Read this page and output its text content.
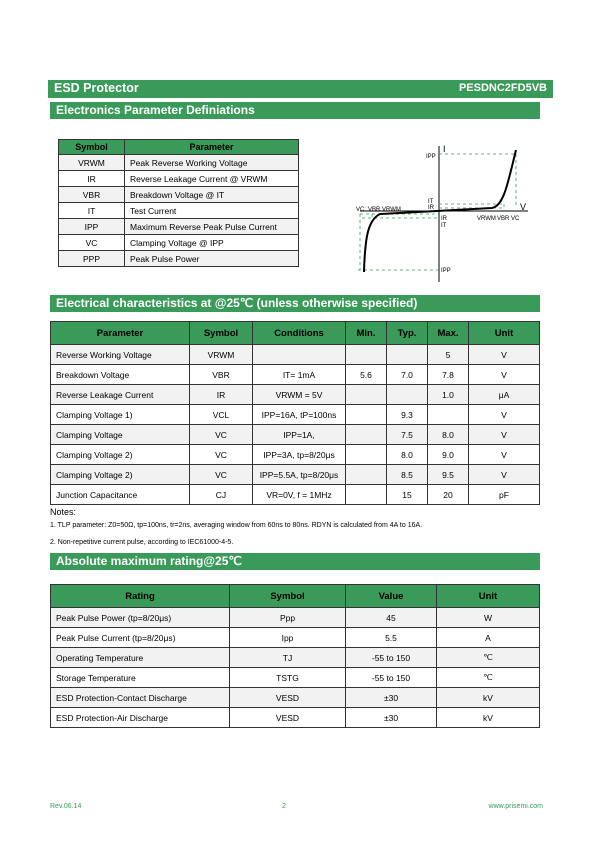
ESD Protector	PESDNC2FD5VB
Electronics Parameter Definiations
Symbol	Parameter
VRWM	Peak Reverse Working Voltage
IR	Reverse Leakage Current @ VRWM
VBR	Breakdown Voltage @ IT
IT	Test Current
IPP	Maximum Reverse Peak Pulse Current
VC	Clamping Voltage @ IPP
PPP	Peak Pulse Power
I
V
IPP
IT
IR
VC VBR VRWM
IR
IT
VRWM VBR VC
IPP
Electrical characteristics at @25℃ (unless otherwise specified)
Parameter	Symbol	Conditions	Min.	Typ.	Max.	Unit
Reverse Working Voltage	VRWM				5	V
Breakdown Voltage	VBR	IT= 1mA	5.6	7.0	7.8	V
Reverse Leakage Current	IR	VRWM = 5V			1.0	μA
Clamping Voltage 1)	VCL	IPP=16A, tP=100ns		9.3		V
Clamping Voltage	VC	IPP=1A,		7.5	8.0	V
Clamping Voltage 2)	VC	IPP=3A, tp=8/20μs		8.0	9.0	V
Clamping Voltage 2)	VC	IPP=5.5A, tp=8/20μs		8.5	9.5	V
Junction Capacitance	CJ	VR=0V, f = 1MHz		15	20	pF
Notes:
1. TLP parameter: Z0=50Ω, tp=100ns, tr=2ns, averaging window from 60ns to 80ns. RDYN is calculated from 4A to 16A.
2. Non-repetitive current pulse, according to IEC61000-4-5.
Absolute maximum rating@25℃
Rating	Symbol	Value	Unit
Peak Pulse Power (tp=8/20μs)	Ppp	45	W
Peak Pulse Current (tp=8/20μs)	Ipp	5.5	A
Operating Temperature	TJ	-55 to 150	℃
Storage Temperature	TSTG	-55 to 150	℃
ESD Protection-Contact Discharge	VESD	±30	kV
ESD Protection-Air Discharge	VESD	±30	kV
Rev.06.14	2	www.prisemi.com
